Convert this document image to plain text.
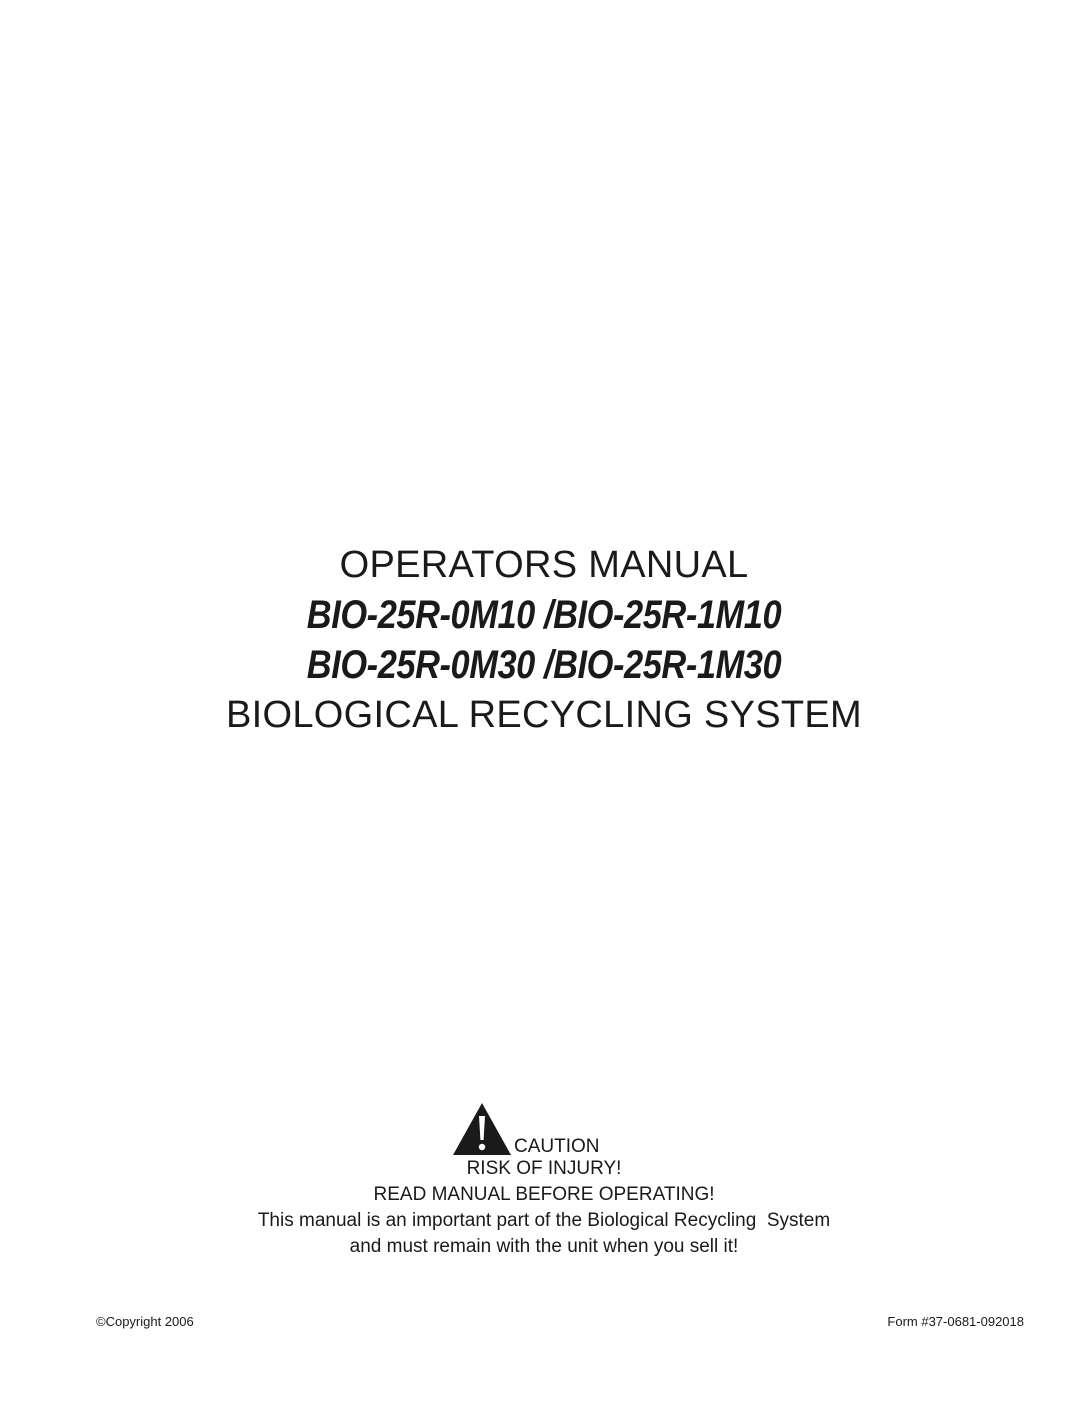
OPERATORS MANUAL
BIO-25R-0M10 /BIO-25R-1M10
BIO-25R-0M30 /BIO-25R-1M30
BIOLOGICAL RECYCLING SYSTEM
CAUTION
RISK OF INJURY!
READ MANUAL BEFORE OPERATING!
This manual is an important part of the Biological Recycling  System
and must remain with the unit when you sell it!
©Copyright 2006	Form #37-0681-092018
